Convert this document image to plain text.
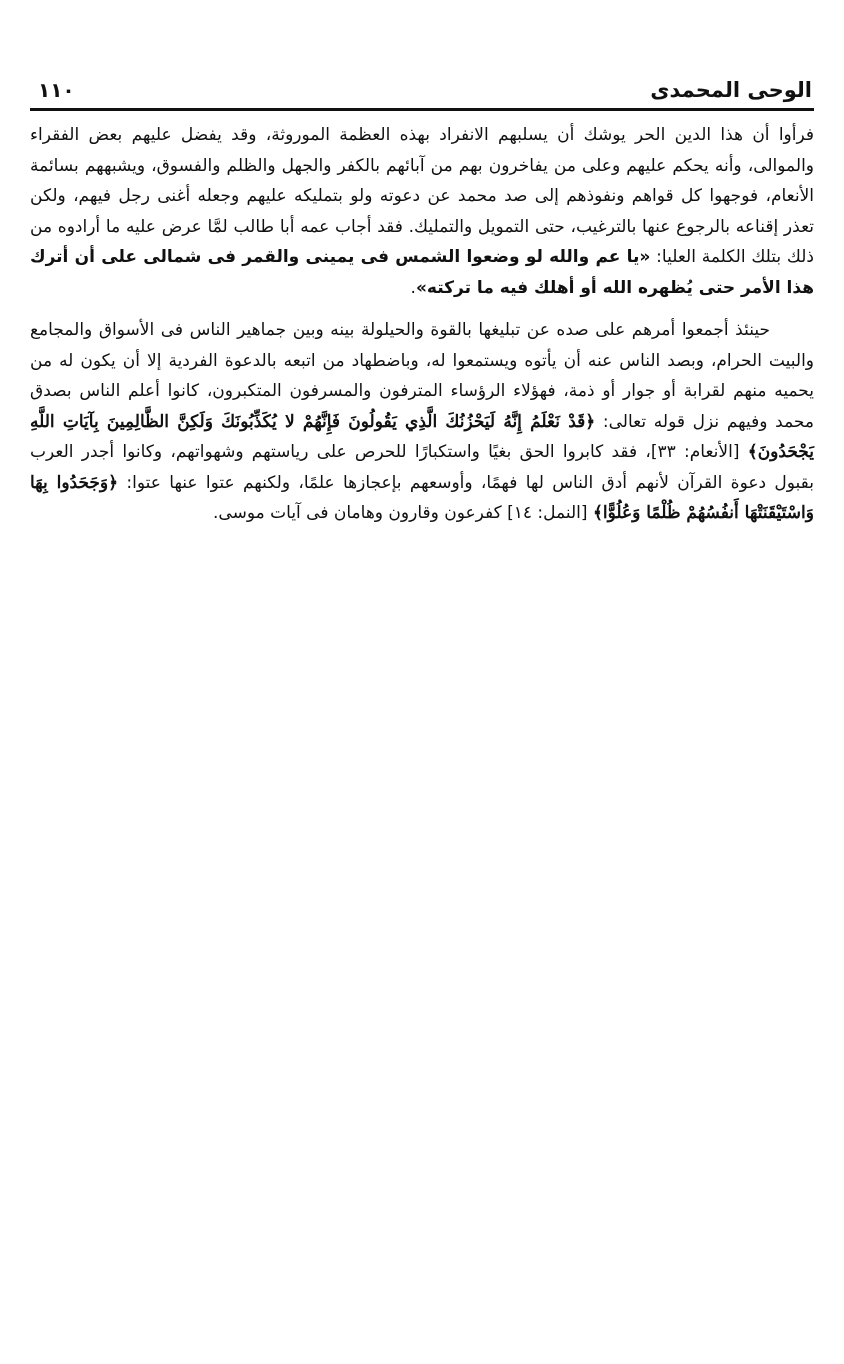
١١٠	الوحى المحمدى

فرأوا أن هذا الدين الحر يوشك أن يسلبهم الانفراد بهذه العظمة الموروثة، وقد يفضل عليهم بعض الفقراء والموالى، وأنه يحكم عليهم وعلى من يفاخرون بهم من آبائهم بالكفر والجهل والظلم والفسوق، ويشبههم بسائمة الأنعام، فوجهوا كل قواهم ونفوذهم إلى صد محمد عن دعوته ولو بتمليكه عليهم وجعله أغنى رجل فيهم، ولكن تعذر إقناعه بالرجوع عنها بالترغيب، حتى التمويل والتمليك. فقد أجاب عمه أبا طالب لمَّا عرض عليه ما أرادوه من ذلك بتلك الكلمة العليا: «يا عم والله لو وضعوا الشمس فى يمينى والقمر فى شمالى على أن أترك هذا الأمر حتى يُظهره الله أو أهلك فيه ما تركته».

حينئذ أجمعوا أمرهم على صده عن تبليغها بالقوة والحيلولة بينه وبين جماهير الناس فى الأسواق والمجامع والبيت الحرام، وبصد الناس عنه أن يأتوه ويستمعوا له، وباضطهاد من اتبعه بالدعوة الفردية إلا أن يكون له من يحميه منهم لقرابة أو جوار أو ذمة، فهؤلاء الرؤساء المترفون والمسرفون المتكبرون، كانوا أعلم الناس بصدق محمد وفيهم نزل قوله تعالى: ﴿قَدْ نَعْلَمُ إِنَّهُ لَيَحْزُنُكَ الَّذِي يَقُولُونَ فَإِنَّهُمْ لا يُكَذِّبُونَكَ وَلَكِنَّ الظَّالِمِينَ بِآيَاتِ اللَّهِ يَجْحَدُونَ﴾ [الأنعام: ٣٣]، فقد كابروا الحق بغيًا واستكبارًا للحرص على رياستهم وشهواتهم، وكانوا أجدر العرب بقبول دعوة القرآن لأنهم أدق الناس لها فهمًا، وأوسعهم بإعجازها علمًا، ولكنهم عتوا عنها عتوا: ﴿وَجَحَدُوا بِهَا وَاسْتَيْقَنَتْهَا أَنفُسُهُمْ ظُلْمًا وَعُلُوًّا﴾ [النمل: ١٤] كفرعون وقارون وهامان فى آيات موسى.
